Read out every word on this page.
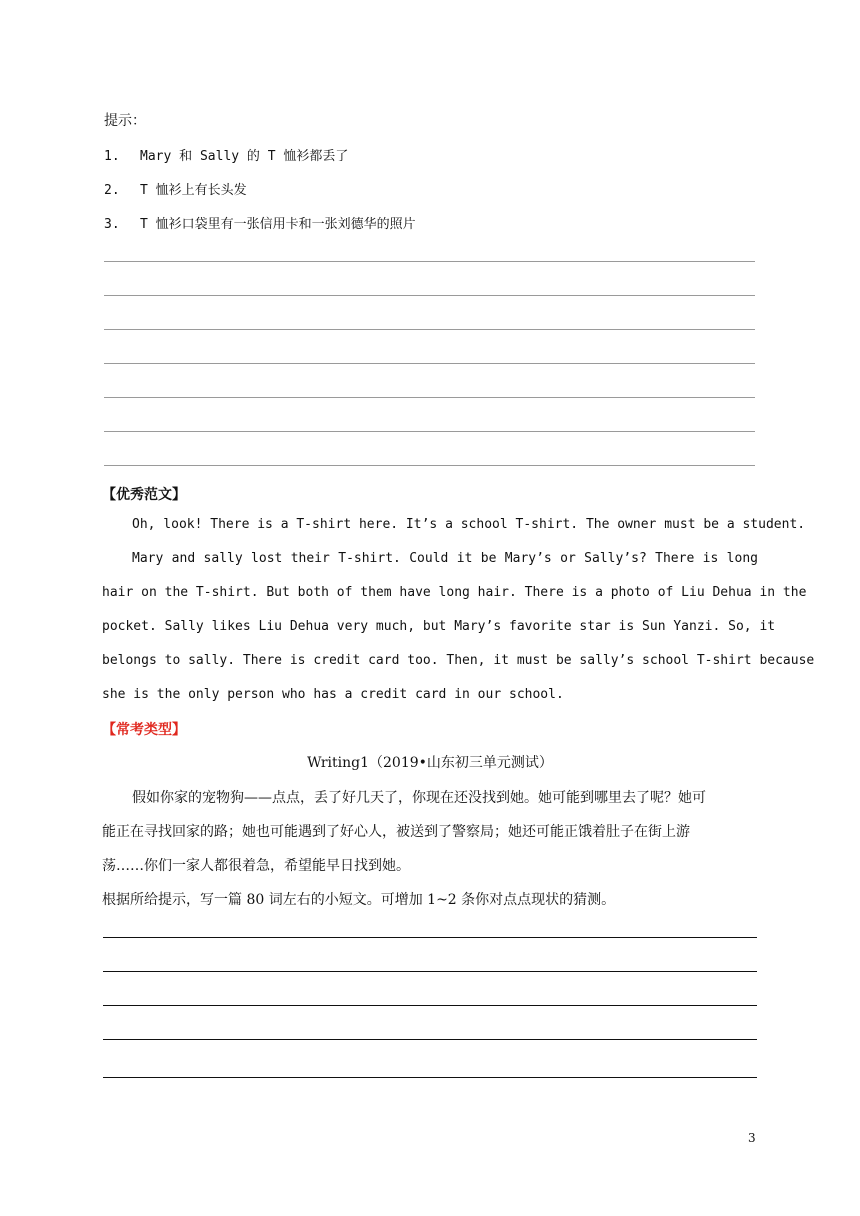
提示：
1. Mary 和 Sally 的 T 恤衫都丢了
2. T 恤衫上有长头发
3. T 恤衫口袋里有一张信用卡和一张刘德华的照片
【优秀范文】
Oh, look! There is a T-shirt here. It’s a school T-shirt. The owner must be a student.
Mary and sally lost their T-shirt. Could it be Mary’s or Sally’s? There is long
hair on the T-shirt. But both of them have long hair. There is a photo of Liu Dehua in the
pocket. Sally likes Liu Dehua very much, but Mary’s favorite star is Sun Yanzi. So, it
belongs to sally. There is credit card too. Then, it must be sally’s school T-shirt because
she is the only person who has a credit card in our school.
【常考类型】
Writing1（2019•山东初三单元测试）
假如你家的宠物狗——点点，丢了好几天了，你现在还没找到她。她可能到哪里去了呢？她可
能正在寻找回家的路；她也可能遇到了好心人，被送到了警察局；她还可能正饿着肚子在街上游
荡……你们一家人都很着急，希望能早日找到她。
根据所给提示，写一篇 80 词左右的小短文。可增加 1~2 条你对点点现状的猜测。
3
